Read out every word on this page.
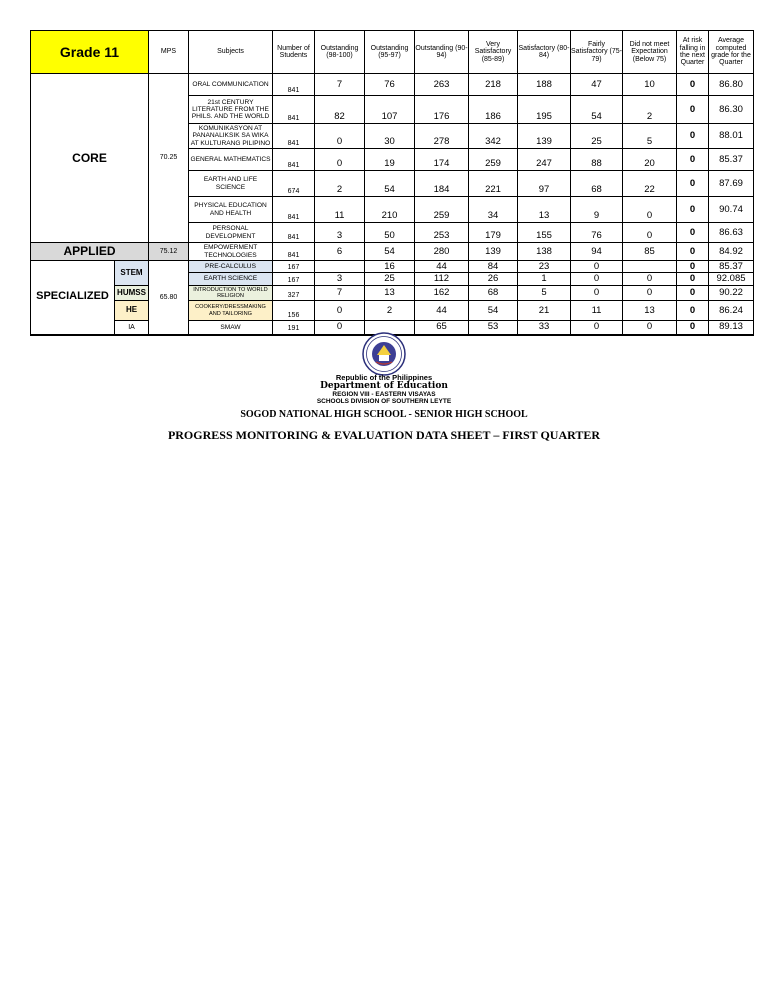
Grade 11		MPS	Subjects	Number of Students	Outstanding (98-100)	Outstanding (95-97)	Outstanding (90-94)	Very Satisfactory (85-89)	Satisfactory (80-84)	Fairly Satisfactory (75-79)	Did not meet Expectation (Below 75)	At risk falling in the next Quarter	Average computed grade for the Quarter
CORE		70.25	ORAL COMMUNICATION	841	7	76	263	218	188	47	10	0	86.80
			21st CENTURY LITERATURE FROM THE PHILS. AND THE WORLD	841	82	107	176	186	195	54	2	0	86.30
			KOMUNIKASYON AT PANANALIKSIK SA WIKA AT KULTURANG PILIPINO	841	0	30	278	342	139	25	5	0	88.01
			GENERAL MATHEMATICS	841	0	19	174	259	247	88	20	0	85.37
			EARTH AND LIFE SCIENCE	674	2	54	184	221	97	68	22	0	87.69
			PHYSICAL EDUCATION AND HEALTH	841	11	210	259	34	13	9	0	0	90.74
			PERSONAL DEVELOPMENT	841	3	50	253	179	155	76	0	0	86.63
APPLIED		75.12	EMPOWERMENT TECHNOLOGIES	841	6	54	280	139	138	94	85	0	84.92
SPECIALIZED	STEM	65.80	PRE-CALCULUS	167		16	44	84	23	0		0	85.37
			EARTH SCIENCE	167	3	25	112	26	1	0	0	0	92.085
	HUMSS		INTRODUCTION TO WORLD RELIGION	327	7	13	162	68	5	0	0	0	90.22
	HE		COOKERY/DRESSMAKING AND TAILORING	156	0	2	44	54	21	11	13	0	86.24
	IA		SMAW	191	0		65	53	33	0	0	0	89.13
Republic of the Philippines
Department of Education
REGION VIII - EASTERN VISAYAS
SCHOOLS DIVISION OF SOUTHERN LEYTE
SOGOD NATIONAL HIGH SCHOOL - SENIOR HIGH SCHOOL
PROGRESS MONITORING & EVALUATION DATA SHEET – FIRST QUARTER
